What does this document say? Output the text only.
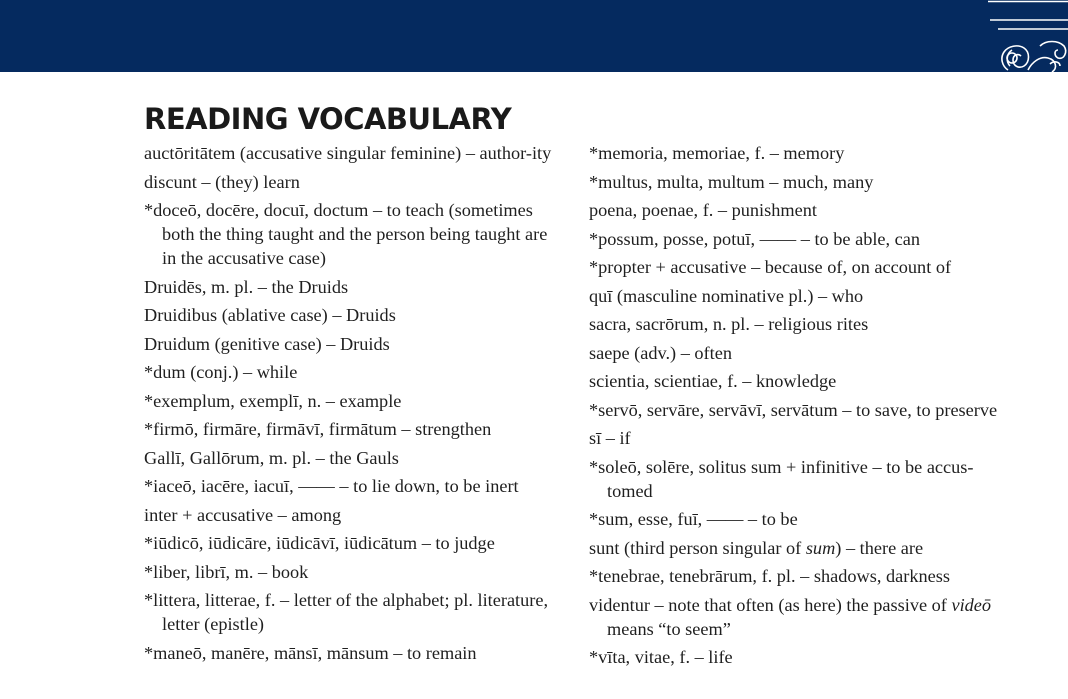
READING VOCABULARY

auctōritātem (accusative singular feminine) – author-ity

discunt – (they) learn

*doceō, docēre, docuī, doctum – to teach (sometimes both the thing taught and the person being taught are in the accusative case)

Druidēs, m. pl. – the Druids

Druidibus (ablative case) – Druids

Druidum (genitive case) – Druids

*dum (conj.) – while

*exemplum, exemplī, n. – example

*firmō, firmāre, firmāvī, firmātum – strengthen

Gallī, Gallōrum, m. pl. – the Gauls

*iaceō, iacēre, iacuī, —— – to lie down, to be inert

inter + accusative – among

*iūdicō, iūdicāre, iūdicāvī, iūdicātum – to judge

*liber, librī, m. – book

*littera, litterae, f. – letter of the alphabet; pl. literature, letter (epistle)

*maneō, manēre, mānsī, mānsum – to remain

*memoria, memoriae, f. – memory

*multus, multa, multum – much, many

poena, poenae, f. – punishment

*possum, posse, potuī, —— – to be able, can

*propter + accusative – because of, on account of

quī (masculine nominative pl.) – who

sacra, sacrōrum, n. pl. – religious rites

saepe (adv.) – often

scientia, scientiae, f. – knowledge

*servō, servāre, servāvī, servātum – to save, to preserve

sī – if

*soleō, solēre, solitus sum + infinitive – to be accus-tomed

*sum, esse, fuī, —— – to be

sunt (third person singular of sum) – there are

*tenebrae, tenebrārum, f. pl. – shadows, darkness

videntur – note that often (as here) the passive of videō means “to seem”

*vīta, vitae, f. – life
